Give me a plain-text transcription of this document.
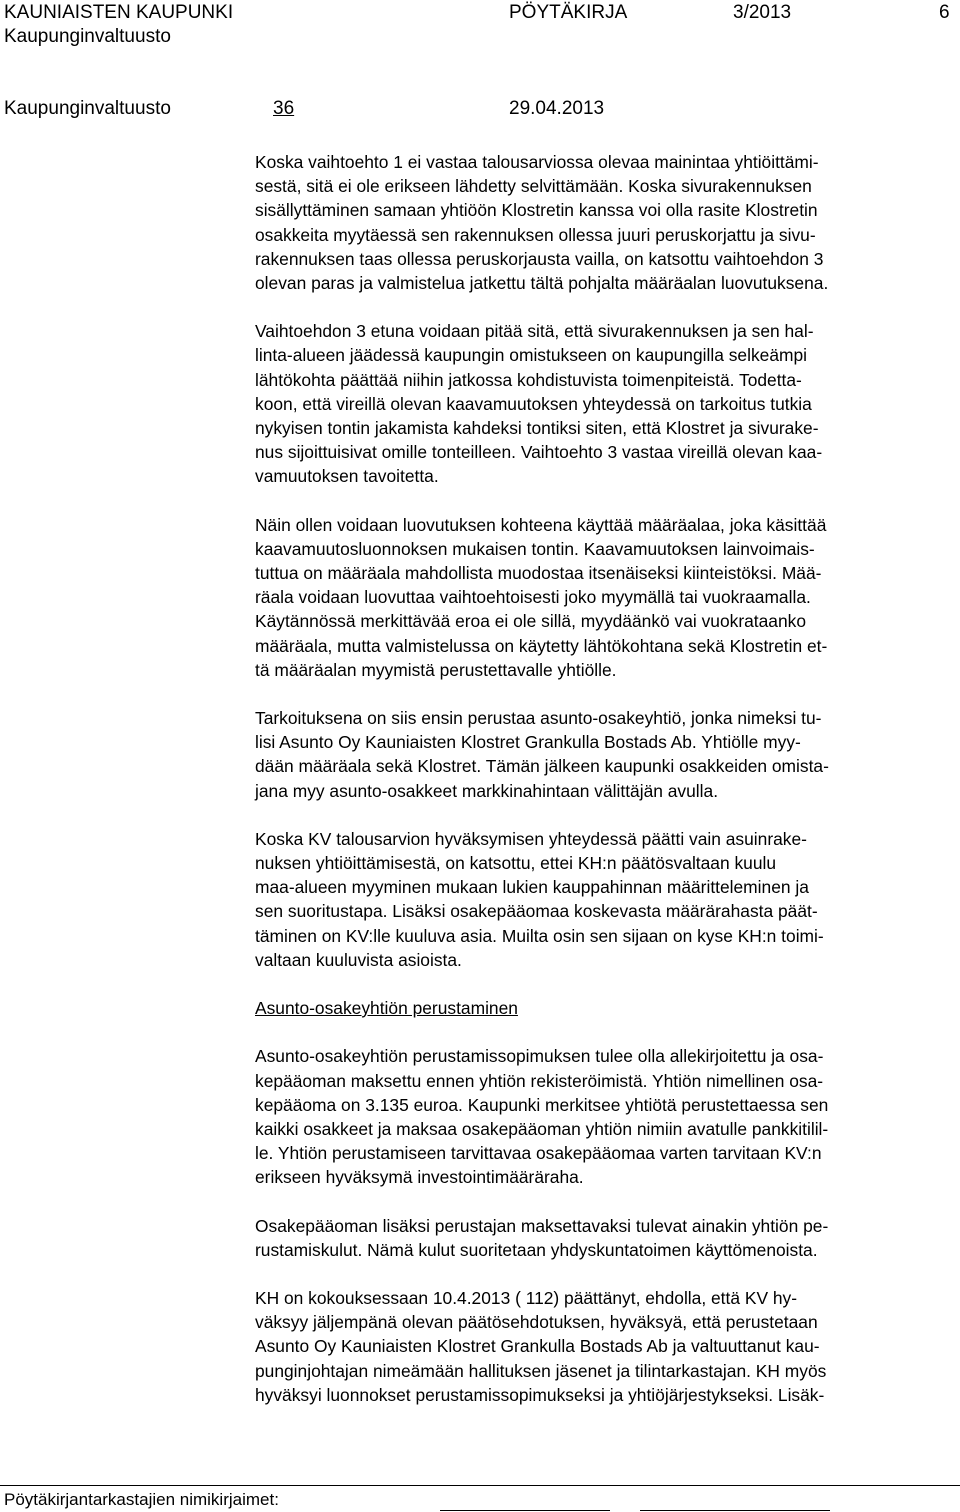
KAUNIAISTEN KAUPUNKI
Kaupunginvaltuusto
PÖYTÄKIRJA	3/2013	6
Kaupunginvaltuusto	36	29.04.2013
Koska vaihtoehto 1 ei vastaa talousarviossa olevaa mainintaa yhtiöittämi-
sestä, sitä ei ole erikseen lähdetty selvittämään. Koska sivurakennuksen
sisällyttäminen samaan yhtiöön Klostretin kanssa voi olla rasite Klostretin
osakkeita myytäessä sen rakennuksen ollessa juuri peruskorjattu ja sivu-
rakennuksen taas ollessa peruskorjausta vailla, on katsottu vaihtoehdon 3
olevan paras ja valmistelua jatkettu tältä pohjalta määräalan luovutuksena.
Vaihtoehdon 3 etuna voidaan pitää sitä, että sivurakennuksen ja sen hal-
linta-alueen jäädessä kaupungin omistukseen on kaupungilla selkeämpi
lähtökohta päättää niihin jatkossa kohdistuvista toimenpiteistä. Todetta-
koon, että vireillä olevan kaavamuutoksen yhteydessä on tarkoitus tutkia
nykyisen tontin jakamista kahdeksi tontiksi siten, että Klostret ja sivurake-
nus sijoittuisivat omille tonteilleen. Vaihtoehto 3 vastaa vireillä olevan kaa-
vamuutoksen tavoitetta.
Näin ollen voidaan luovutuksen kohteena käyttää määräalaa, joka käsittää
kaavamuutosluonnoksen mukaisen tontin. Kaavamuutoksen lainvoimais-
tuttua on määräala mahdollista muodostaa itsenäiseksi kiinteistöksi. Mää-
räala voidaan luovuttaa vaihtoehtoisesti joko myymällä tai vuokraamalla.
Käytännössä merkittävää eroa ei ole sillä, myydäänkö vai vuokrataanko
määräala, mutta valmistelussa on käytetty lähtökohtana sekä Klostretin et-
tä määräalan myymistä perustettavalle yhtiölle.
Tarkoituksena on siis ensin perustaa asunto-osakeyhtiö, jonka nimeksi tu-
lisi Asunto Oy Kauniaisten Klostret Grankulla Bostads Ab. Yhtiölle myy-
dään määräala sekä Klostret. Tämän jälkeen kaupunki osakkeiden omista-
jana myy asunto-osakkeet markkinahintaan välittäjän avulla.
Koska KV talousarvion hyväksymisen yhteydessä päätti vain asuinrake-
nuksen yhtiöittämisestä, on katsottu, ettei KH:n päätösvaltaan kuulu
maa-alueen myyminen mukaan lukien kauppahinnan määritteleminen ja
sen suoritustapa. Lisäksi osakepääomaa koskevasta määrärahasta päät-
täminen on KV:lle kuuluva asia. Muilta osin sen sijaan on kyse KH:n toimi-
valtaan kuuluvista asioista.
Asunto-osakeyhtiön perustaminen
Asunto-osakeyhtiön perustamissopimuksen tulee olla allekirjoitettu ja osa-
kepääoman maksettu ennen yhtiön rekisteröimistä. Yhtiön nimellinen osa-
kepääoma on 3.135 euroa. Kaupunki merkitsee yhtiötä perustettaessa sen
kaikki osakkeet ja maksaa osakepääoman yhtiön nimiin avatulle pankkitilil-
le. Yhtiön perustamiseen tarvittavaa osakepääomaa varten tarvitaan KV:n
erikseen hyväksymä investointimääräraha.
Osakepääoman lisäksi perustajan maksettavaksi tulevat ainakin yhtiön pe-
rustamiskulut. Nämä kulut suoritetaan yhdyskuntatoimen käyttömenoista.
KH on kokouksessaan 10.4.2013 ( 112) päättänyt, ehdolla, että KV hy-
väksyy jäljempänä olevan päätösehdotuksen, hyväksyä, että perustetaan
Asunto Oy Kauniaisten Klostret Grankulla Bostads Ab ja valtuuttanut kau-
punginjohtajan nimeämään hallituksen jäsenet ja tilintarkastajan. KH myös
hyväksyi luonnokset perustamissopimukseksi ja yhtiöjärjestykseksi. Lisäk-
Pöytäkirjantarkastajien nimikirjaimet:
